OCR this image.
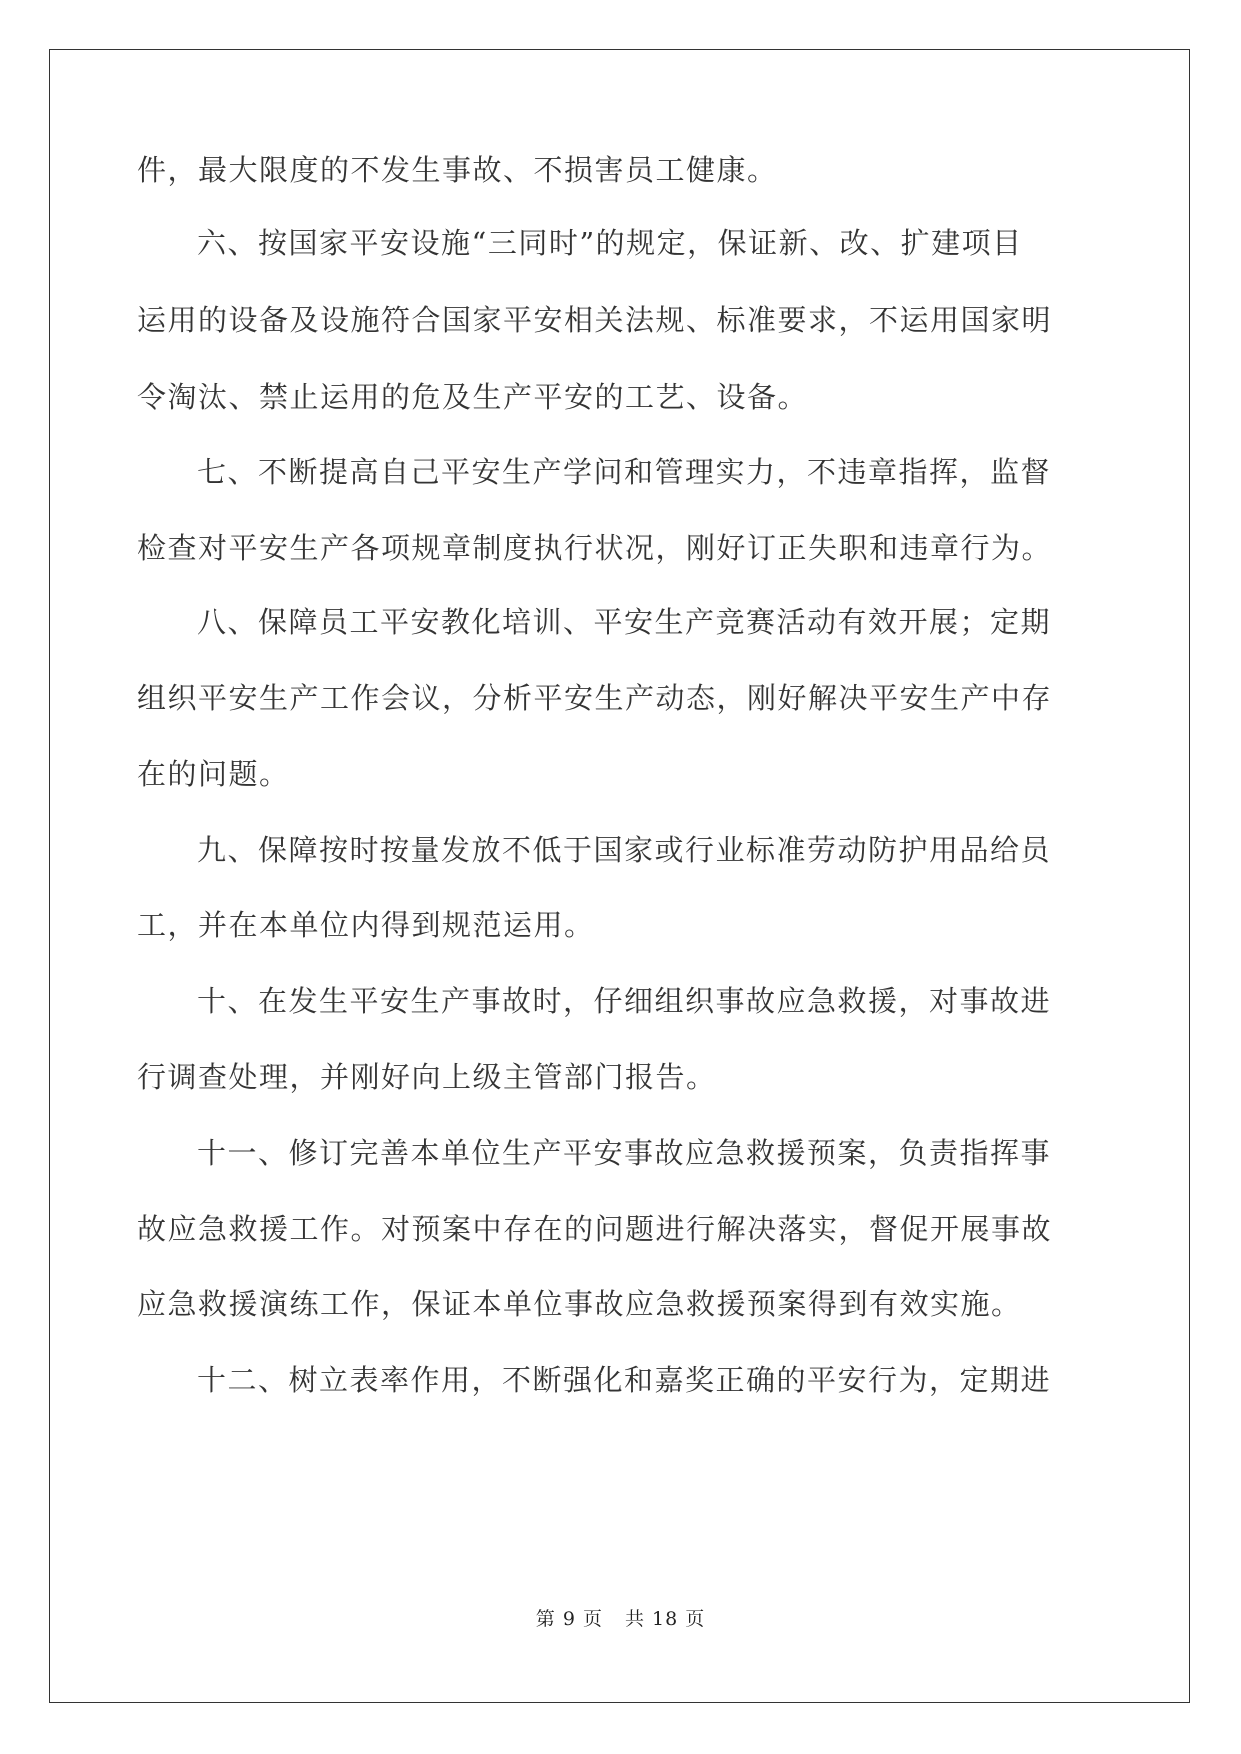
件，最大限度的不发生事故、不损害员工健康。
六、按国家平安设施“三同时”的规定，保证新、改、扩建项目
运用的设备及设施符合国家平安相关法规、标准要求，不运用国家明
令淘汰、禁止运用的危及生产平安的工艺、设备。
七、不断提高自己平安生产学问和管理实力，不违章指挥，监督
检查对平安生产各项规章制度执行状况，刚好订正失职和违章行为。
八、保障员工平安教化培训、平安生产竞赛活动有效开展；定期
组织平安生产工作会议，分析平安生产动态，刚好解决平安生产中存
在的问题。
九、保障按时按量发放不低于国家或行业标准劳动防护用品给员
工，并在本单位内得到规范运用。
十、在发生平安生产事故时，仔细组织事故应急救援，对事故进
行调查处理，并刚好向上级主管部门报告。
十一、修订完善本单位生产平安事故应急救援预案，负责指挥事
故应急救援工作。对预案中存在的问题进行解决落实，督促开展事故
应急救援演练工作，保证本单位事故应急救援预案得到有效实施。
十二、树立表率作用，不断强化和嘉奖正确的平安行为，定期进
第 9 页 共 18 页
